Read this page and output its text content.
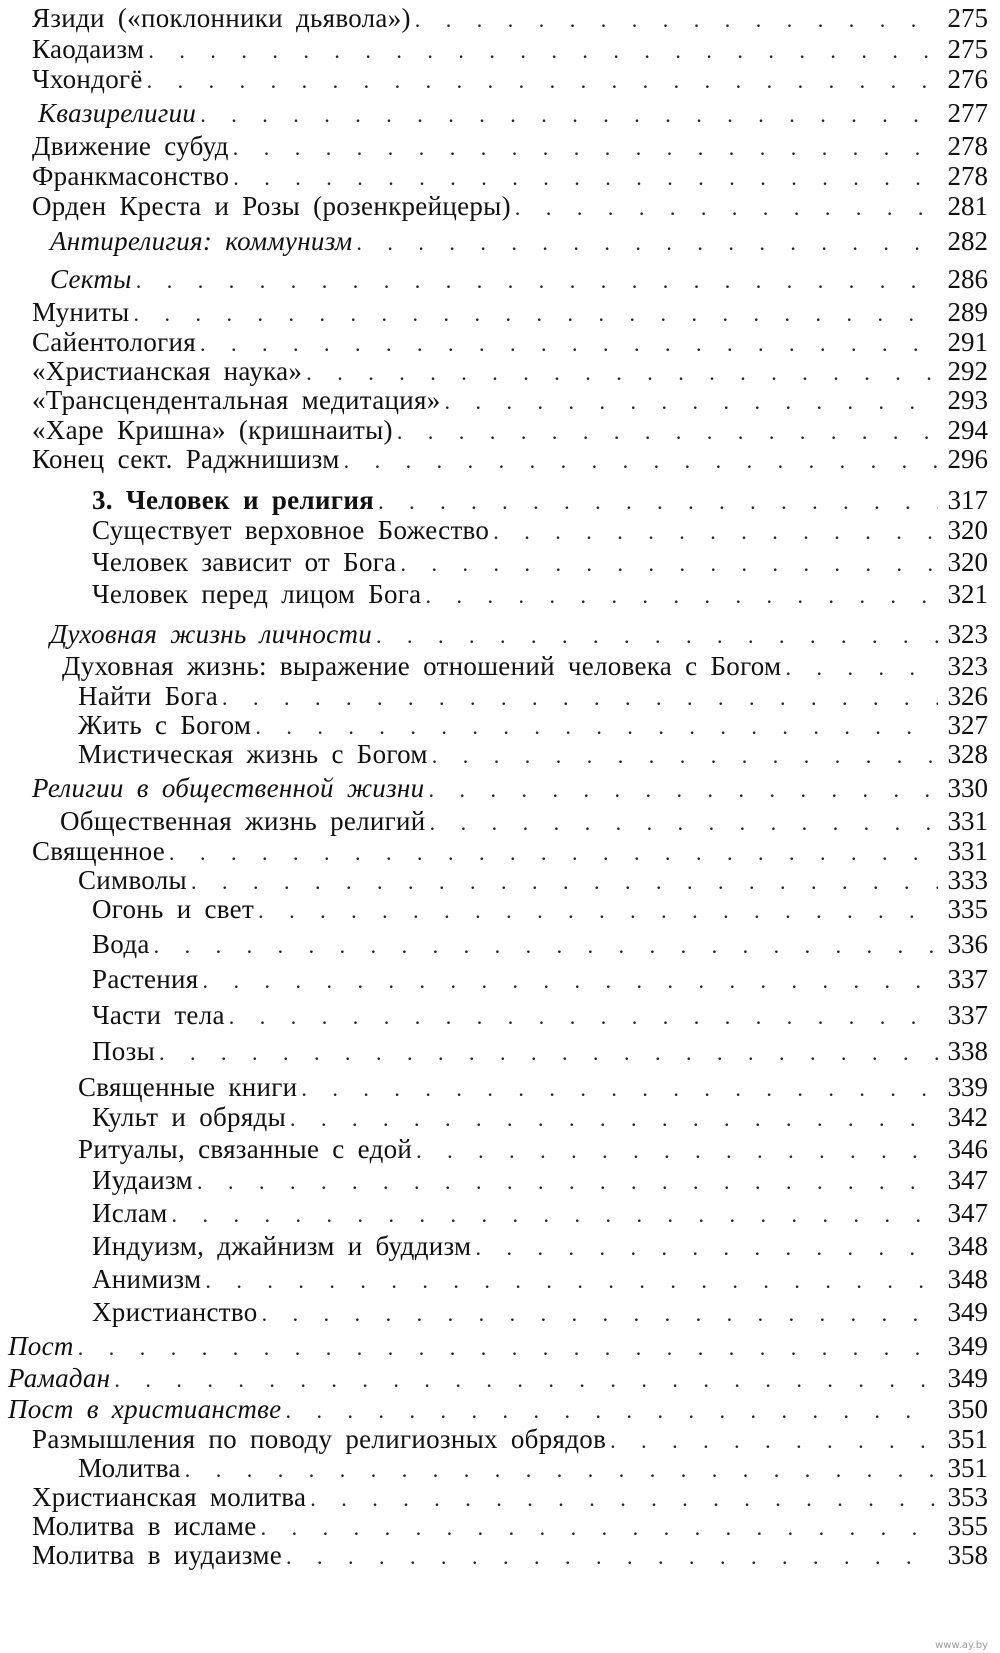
Язиди («поклонники дьявола») . . .	275
Каодаизм . . .	275
Чхондогё . . .	276
Квазирелигии . . .	277
Движение субуд . . .	278
Франкмасонство . . .	278
Орден Креста и Розы (розенкрейцеры) . . .	281
Антирелигия: коммунизм . . .	282
Секты . . .	286
Муниты . . .	289
Сайентология . . .	291
«Христианская наука» . . .	292
«Трансцендентальная медитация» . . .	293
«Харе Кришна» (кришнаиты) . . .	294
Конец сект. Раджнишизм . . .	296
3. Человек и религия . . .	317
Существует верховное Божество . . .	320
Человек зависит от Бога . . .	320
Человек перед лицом Бога . . .	321
Духовная жизнь личности . . .	323
Духовная жизнь: выражение отношений человека с Богом . . .	323
Найти Бога . . .	326
Жить с Богом . . .	327
Мистическая жизнь с Богом . . .	328
Религии в общественной жизни . . .	330
Общественная жизнь религий . . .	331
Священное . . .	331
Символы . . .	333
Огонь и свет . . .	335
Вода . . .	336
Растения . . .	337
Части тела . . .	337
Позы . . .	338
Священные книги . . .	339
Культ и обряды . . .	342
Ритуалы, связанные с едой . . .	346
Иудаизм . . .	347
Ислам . . .	347
Индуизм, джайнизм и буддизм . . .	348
Анимизм . . .	348
Христианство . . .	349
Пост . . .	349
Рамадан . . .	349
Пост в христианстве . . .	350
Размышления по поводу религиозных обрядов . . .	351
Молитва . . .	351
Христианская молитва . . .	353
Молитва в исламе . . .	355
Молитва в иудаизме . . .	358
www.ay.by
